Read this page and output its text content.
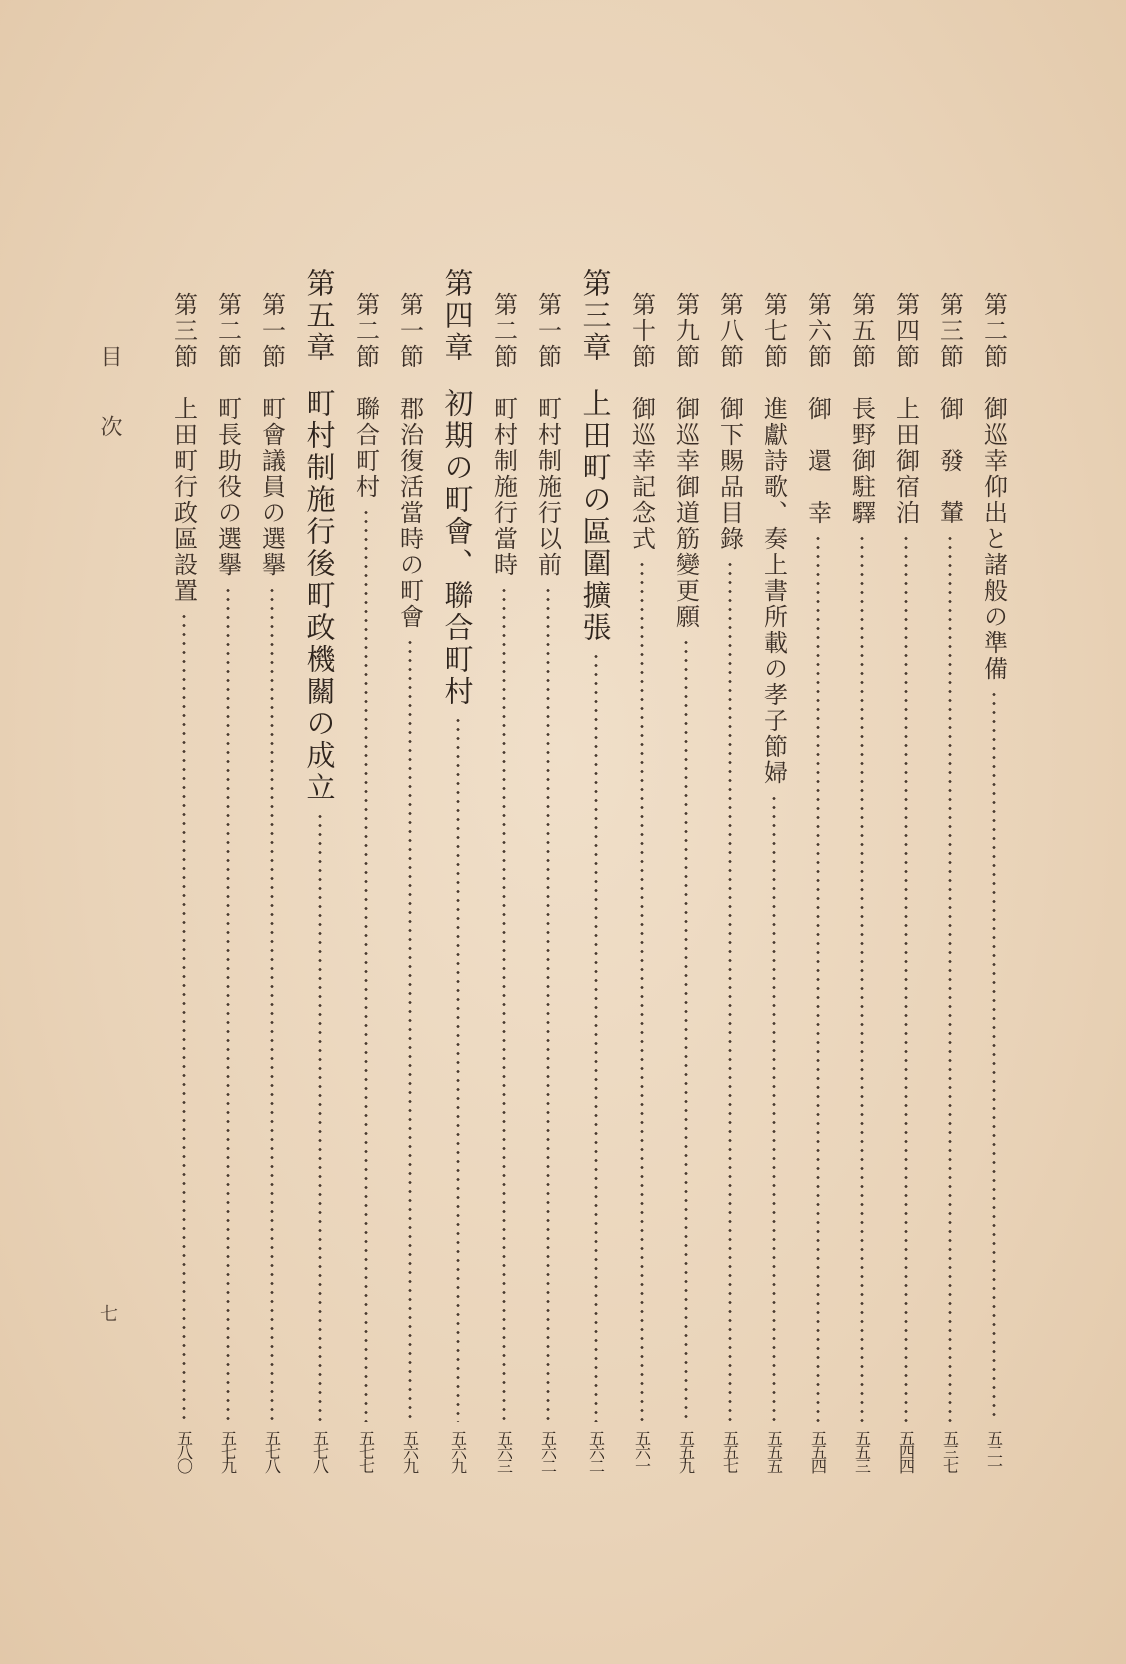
第二節
御巡幸仰出と諸般の準備
五二一
第三節
御　發　輦
五三七
第四節
上田御宿泊
五四四
第五節
長野御駐驛
五五三
第六節
御　還　幸
五五四
第七節
進獻詩歌、奏上書所載の孝子節婦
五五五
第八節
御下賜品目錄
五五七
第九節
御巡幸御道筋變更願
五五九
第十節
御巡幸記念式
五六一
第三章
上田町の區圍擴張
五六二
第一節
町村制施行以前
五六二
第二節
町村制施行當時
五六三
第四章
初期の町會、聯合町村
五六九
第一節
郡治復活當時の町會
五六九
第二節
聯合町村
五七七
第五章
町村制施行後町政機關の成立
五七八
第一節
町會議員の選擧
五七八
第二節
町長助役の選擧
五七九
第三節
上田町行政區設置
五八〇
目次
七
